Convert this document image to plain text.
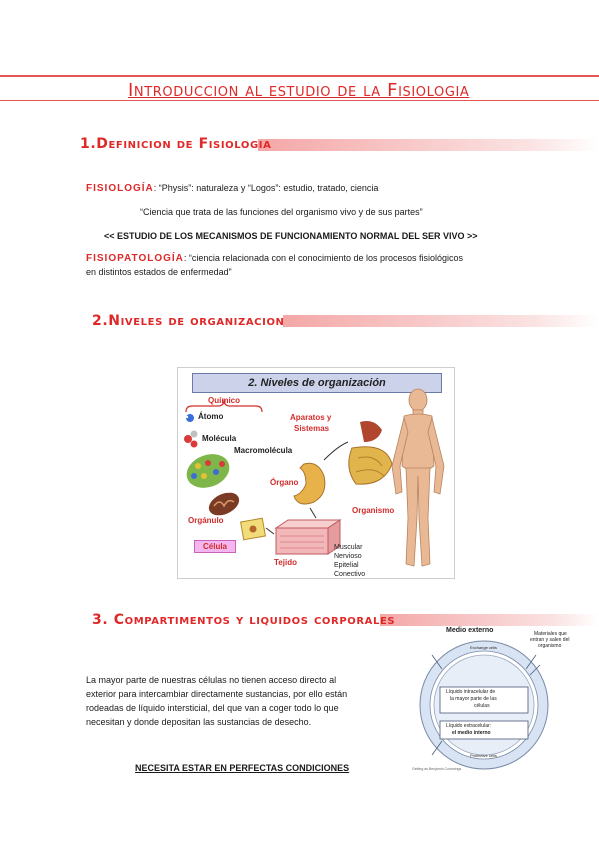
Introduccion al estudio de la Fisiologia
1.Definicion de Fisiologia
FISIOLOGÍA: “Physis”: naturaleza y “Logos”: estudio, tratado, ciencia
“Ciencia que trata de las funciones del organismo vivo y de sus partes”
<< ESTUDIO DE LOS MECANISMOS DE FUNCIONAMIENTO NORMAL DEL SER VIVO >>
FISIOPATOLOGÍA: “ciencia relacionada con el conocimiento de los procesos fisiológicos
en distintos estados de enfermedad”
2.Niveles de organizacion
2. Niveles de organización
Químico
Átomo
Molécula
Macromolécula
Orgánulo
Célula
Tejido
Órgano
Aparatos y
Sistemas
Organismo
Muscular
Nervioso
Epitelial
Conectivo
3. Compartimentos y liquidos corporales
La mayor parte de nuestras células no tienen acceso directo al
exterior para intercambiar directamente sustancias, por ello están
rodeadas de líquido intersticial, del que van a coger todo lo que
necesitan y donde depositan las sustancias de desecho.
NECESITA ESTAR EN PERFECTAS CONDICIONES
Medio externo	Materiales que
entran y salen del
organismo
Exchange cells
Líquido intracelular de
la mayor parte de las
células
Líquido extracelular:
el medio interno
Protective cells
Getting as Benjamin Cummings
